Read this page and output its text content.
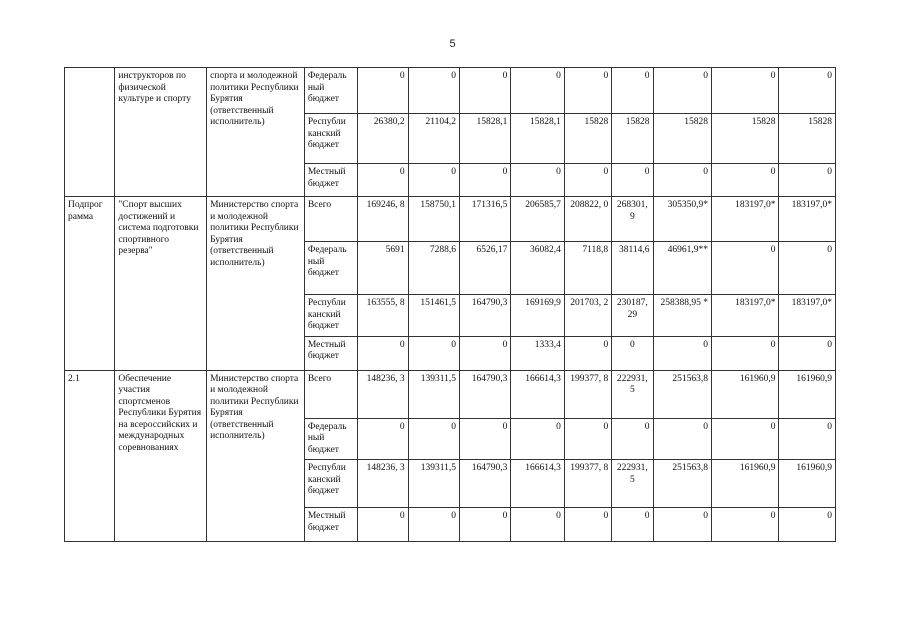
5
	инструкторов по физической культуре и спорту	спорта и молодежной политики Республики Бурятия (ответственный исполнитель)	Федераль ный бюджет	0	0	0	0	0	0	0	0	0
			Республи канский бюджет	26380,2	21104,2	15828,1	15828,1	15828	15828	15828	15828	15828
			Местный бюджет	0	0	0	0	0	0	0	0	0
Подпрог рамма	"Спорт высших достижений и система подготовки спортивного резерва"	Министерство спорта и молодежной политики Республики Бурятия (ответственный исполнитель)	Всего	169246, 8	158750,1	171316,5	206585,7	208822, 0	268301, 9	305350,9*	183197,0*	183197,0*
			Федераль ный бюджет	5691	7288,6	6526,17	36082,4	7118,8	38114,6	46961,9**	0	0
			Республи канский бюджет	163555, 8	151461,5	164790,3	169169,9	201703, 2	230187, 29	258388,95 *	183197,0*	183197,0*
			Местный бюджет	0	0	0	1333,4	0	0	0	0	0
2.1	Обеспечение участия спортсменов Республики Бурятия на всероссийских и международных соревнованиях	Министерство спорта и молодежной политики Республики Бурятия (ответственный исполнитель)	Всего	148236, 3	139311,5	164790,3	166614,3	199377, 8	222931, 5	251563,8	161960,9	161960,9
			Федераль ный бюджет	0	0	0	0	0	0	0	0	0
			Республи канский бюджет	148236, 3	139311,5	164790,3	166614,3	199377, 8	222931, 5	251563,8	161960,9	161960,9
			Местный бюджет	0	0	0	0	0	0	0	0	0
